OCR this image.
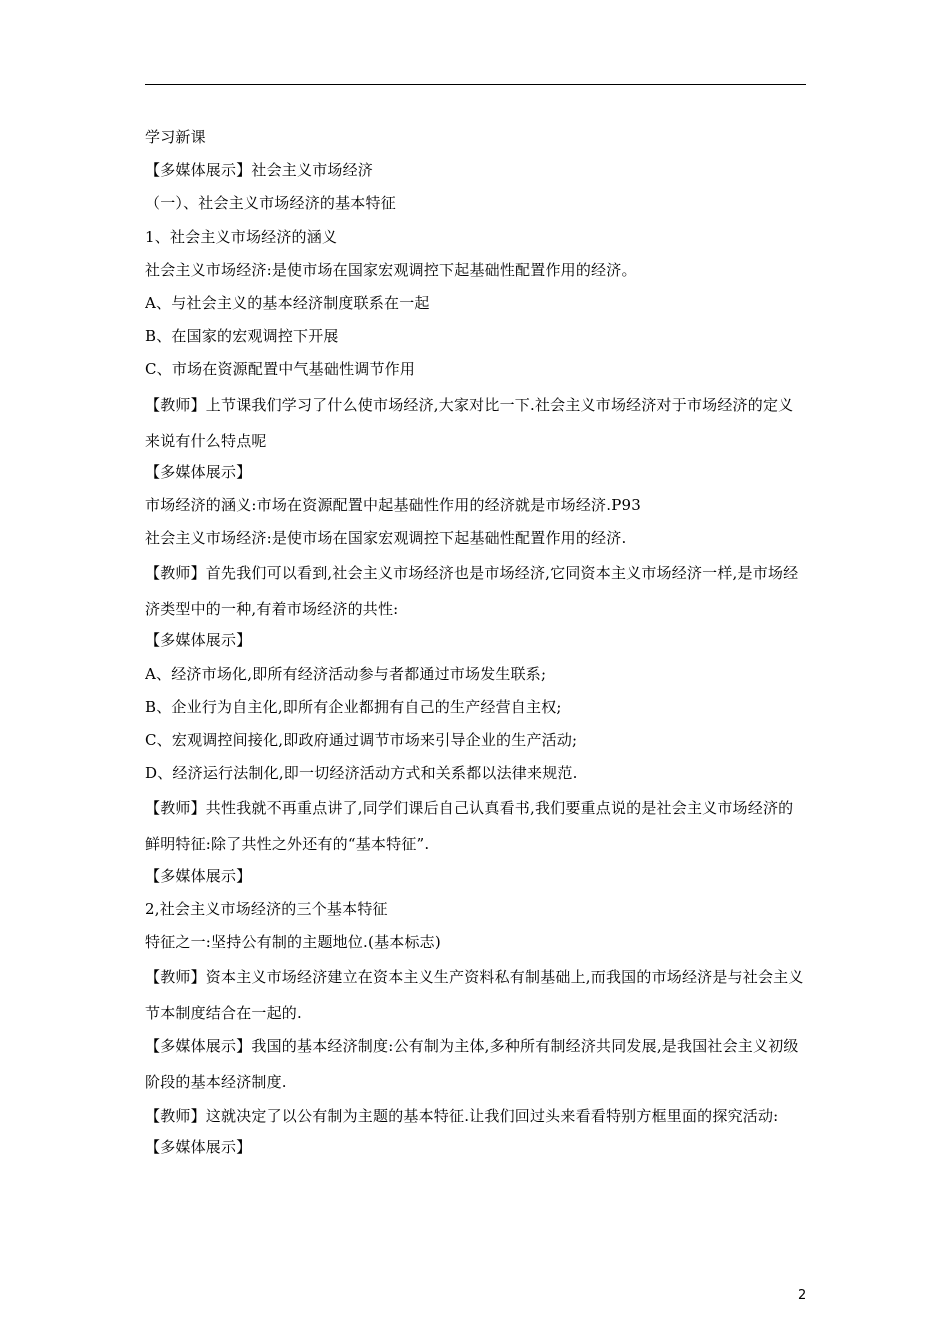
学习新课
【多媒体展示】社会主义市场经济
（一）、社会主义市场经济的基本特征
1、社会主义市场经济的涵义
社会主义市场经济:是使市场在国家宏观调控下起基础性配置作用的经济。
A、与社会主义的基本经济制度联系在一起
B、在国家的宏观调控下开展
C、市场在资源配置中气基础性调节作用
【教师】上节课我们学习了什么使市场经济,大家对比一下.社会主义市场经济对于市场经济的定义来说有什么特点呢
【多媒体展示】
市场经济的涵义:市场在资源配置中起基础性作用的经济就是市场经济.P93
社会主义市场经济:是使市场在国家宏观调控下起基础性配置作用的经济.
【教师】首先我们可以看到,社会主义市场经济也是市场经济,它同资本主义市场经济一样,是市场经济类型中的一种,有着市场经济的共性:
【多媒体展示】
A、经济市场化,即所有经济活动参与者都通过市场发生联系;
B、企业行为自主化,即所有企业都拥有自己的生产经营自主权;
C、宏观调控间接化,即政府通过调节市场来引导企业的生产活动;
D、经济运行法制化,即一切经济活动方式和关系都以法律来规范.
【教师】共性我就不再重点讲了,同学们课后自己认真看书,我们要重点说的是社会主义市场经济的鲜明特征:除了共性之外还有的“基本特征”.
【多媒体展示】
2,社会主义市场经济的三个基本特征
特征之一:坚持公有制的主题地位.(基本标志)
【教师】资本主义市场经济建立在资本主义生产资料私有制基础上,而我国的市场经济是与社会主义节本制度结合在一起的.
【多媒体展示】我国的基本经济制度:公有制为主体,多种所有制经济共同发展,是我国社会主义初级阶段的基本经济制度.
【教师】这就决定了以公有制为主题的基本特征.让我们回过头来看看特别方框里面的探究活动:
【多媒体展示】
2
